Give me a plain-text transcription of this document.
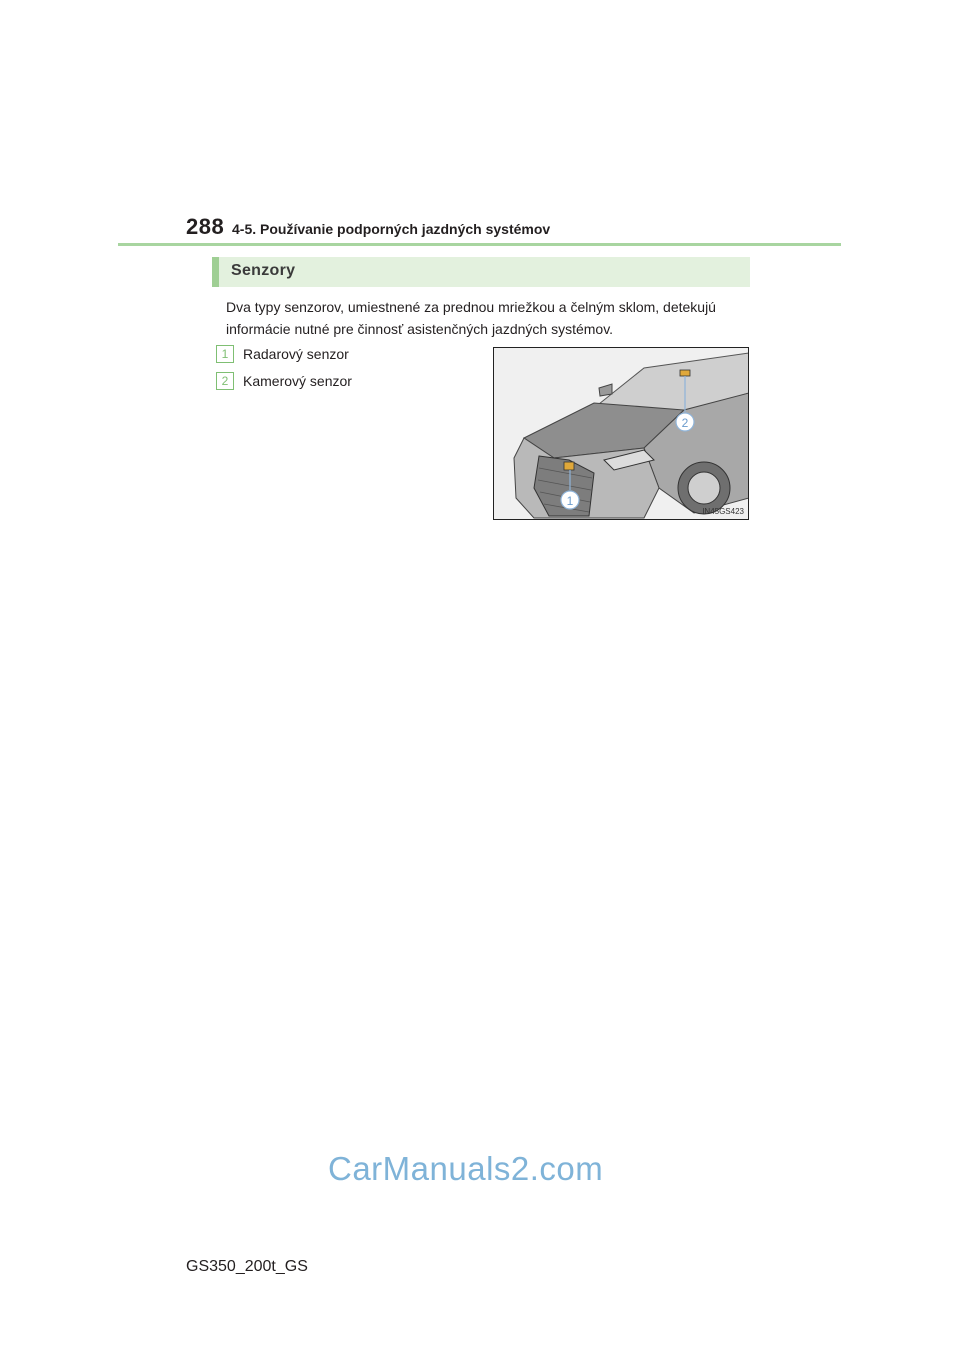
288 4-5. Používanie podporných jazdných systémov
Senzory
Dva typy senzorov, umiestnené za prednou mriežkou a čelným sklom, detekujú informácie nutné pre činnosť asistenčných jazdných systémov.
1	Radarový senzor
2	Kamerový senzor
2
1
IN45GS423
CarManuals2.com
GS350_200t_GS
